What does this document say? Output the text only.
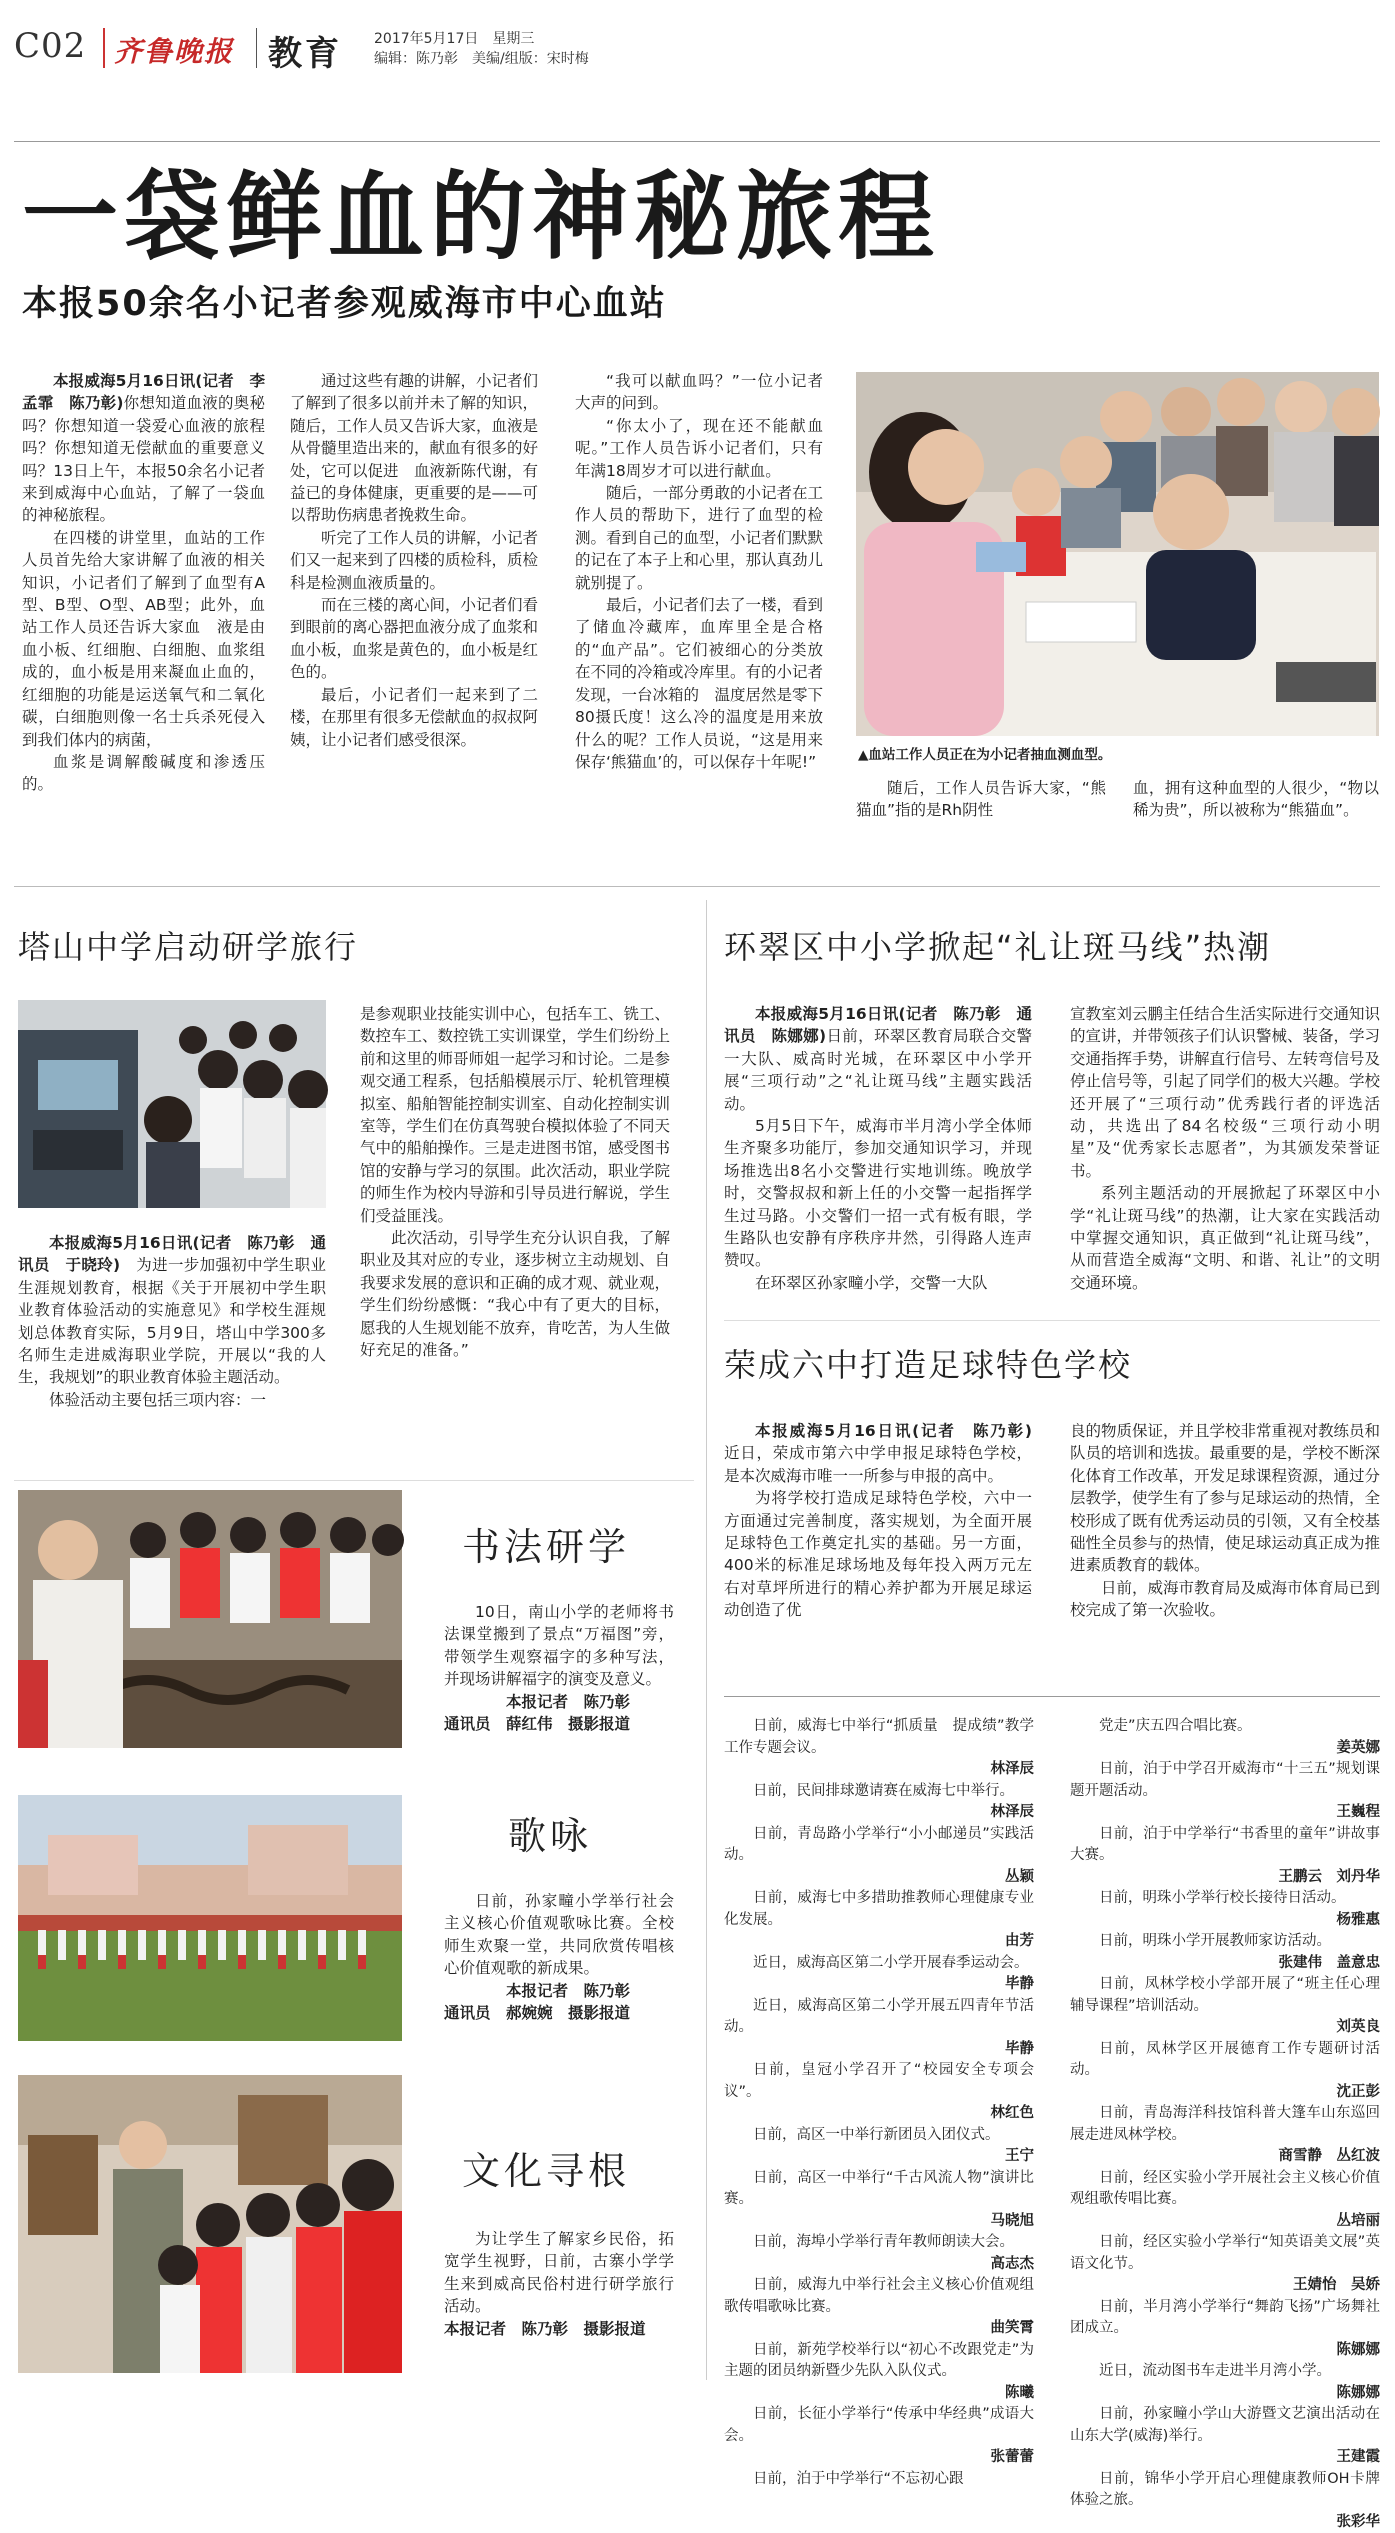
C02 齐鲁晚报 教育 2017年5月17日　星期三
编辑：陈乃彰　美编/组版：宋时梅
一袋鲜血的神秘旅程
本报50余名小记者参观威海市中心血站

本报威海5月16日讯(记者　李孟霏　陈乃彰)你想知道血液的奥秘吗？你想知道一袋爱心血液的旅程吗？你想知道无偿献血的重要意义吗？13日上午，本报50余名小记者来到威海中心血站，了解了一袋血的神秘旅程。

在四楼的讲堂里，血站的工作人员首先给大家讲解了血液的相关知识，小记者们了解到了血型有A型、B型、O型、AB型；此外，血站工作人员还告诉大家血　液是由血小板、红细胞、白细胞、血浆组成的，血小板是用来凝血止血的，红细胞的功能是运送氧气和二氧化碳，白细胞则像一名士兵杀死侵入到我们体内的病菌，

血浆是调解酸碱度和渗透压的。

通过这些有趣的讲解，小记者们了解到了很多以前并未了解的知识，随后，工作人员又告诉大家，血液是从骨髓里造出来的，献血有很多的好处，它可以促进　血液新陈代谢，有益已的身体健康，更重要的是——可以帮助伤病患者挽救生命。

听完了工作人员的讲解，小记者们又一起来到了四楼的质检科，质检科是检测血液质量的。

而在三楼的离心间，小记者们看到眼前的离心器把血液分成了血浆和血小板，血浆是黄色的，血小板是红色的。

最后，小记者们一起来到了二楼，在那里有很多无偿献血的叔叔阿姨，让小记者们感受很深。

“我可以献血吗？”一位小记者大声的问到。

“你太小了，现在还不能献血呢。”工作人员告诉小记者们，只有年满18周岁才可以进行献血。

随后，一部分勇敢的小记者在工作人员的帮助下，进行了血型的检测。看到自己的血型，小记者们默默的记在了本子上和心里，那认真劲儿就别提了。

最后，小记者们去了一楼，看到了储血冷藏库，血库里全是合格的“血产品”。它们被细心的分类放在不同的冷箱或冷库里。有的小记者发现，一台冰箱的　温度居然是零下80摄氏度！这么冷的温度是用来放什么的呢？工作人员说，“这是用来保存‘熊猫血’的，可以保存十年呢!”	▲血站工作人员正在为小记者抽血测血型。

随后，工作人员告诉大家，“熊猫血”指的是Rh阴性

血，拥有这种血型的人很少，“物以稀为贵”，所以被称为“熊猫血”。

塔山中学启动研学旅行

本报威海5月16日讯(记者　陈乃彰　通讯员　于晓玲)　 为进一步加强初中学生职业生涯规划教育，根据《关于开展初中学生职业教育体验活动的实施意见》和学校生涯规划总体教育实际，5月9日，塔山中学300多名师生走进威海职业学院，开展以“我的人生，我规划”的职业教育体验主题活动。

体验活动主要包括三项内容：一

是参观职业技能实训中心，包括车工、铣工、数控车工、数控铣工实训课堂，学生们纷纷上前和这里的师哥师姐一起学习和讨论。二是参观交通工程系，包括船模展示厅、轮机管理模拟室、船舶智能控制实训室、自动化控制实训室等，学生们在仿真驾驶台模拟体验了不同天气中的船舶操作。三是走进图书馆，感受图书馆的安静与学习的氛围。此次活动，职业学院的师生作为校内导游和引导员进行解说，学生们受益匪浅。

此次活动，引导学生充分认识自我，了解职业及其对应的专业，逐步树立主动规划、自我要求发展的意识和正确的成才观、就业观，学生们纷纷感慨：“我心中有了更大的目标，愿我的人生规划能不放弃，肯吃苦，为人生做好充足的准备。”

环翠区中小学掀起“礼让斑马线”热潮

本报威海5月16日讯(记者　陈乃彰　通讯员　陈娜娜)日前，环翠区教育局联合交警一大队、威高时光城，在环翠区中小学开展“三项行动”之“礼让斑马线”主题实践活动。

5月5日下午，威海市半月湾小学全体师生齐聚多功能厅，参加交通知识学习，并现场推选出8名小交警进行实地训练。晚放学时，交警叔叔和新上任的小交警一起指挥学生过马路。小交警们一招一式有板有眼，学生路队也安静有序秩序井然，引得路人连声赞叹。

在环翠区孙家疃小学，交警一大队

宣教室刘云鹏主任结合生活实际进行交通知识的宣讲，并带领孩子们认识警械、装备，学习交通指挥手势，讲解直行信号、左转弯信号及停止信号等，引起了同学们的极大兴趣。学校还开展了“三项行动”优秀践行者的评选活动，共选出了84名校级“三项行动小明星”及“优秀家长志愿者”，为其颁发荣誉证书。

系列主题活动的开展掀起了环翠区中小学“礼让斑马线”的热潮，让大家在实践活动中掌握交通知识，真正做到“礼让斑马线”，从而营造全威海“文明、和谐、礼让”的文明交通环境。

荣成六中打造足球特色学校

本报威海5月16日讯(记者　陈乃彰)　近日，荣成市第六中学申报足球特色学校，是本次威海市唯一一所参与申报的高中。

为将学校打造成足球特色学校，六中一方面通过完善制度，落实规划，为全面开展足球特色工作奠定扎实的基础。另一方面，400米的标准足球场地及每年投入两万元左右对草坪所进行的精心养护都为开展足球运动创造了优

良的物质保证，并且学校非常重视对教练员和队员的培训和选拔。最重要的是，学校不断深化体育工作改革，开发足球课程资源，通过分层教学，使学生有了参与足球运动的热情，全校形成了既有优秀运动员的引领，又有全校基础性全员参与的热情，使足球运动真正成为推进素质教育的载体。

日前，威海市教育局及威海市体育局已到校完成了第一次验收。

书法研学

10日，南山小学的老师将书法课堂搬到了景点“万福图”旁，带领学生观察福字的多种写法，并现场讲解福字的演变及意义。

本报记者　陈乃彰

通讯员　薛红伟　摄影报道

歌咏

日前，孙家疃小学举行社会主义核心价值观歌咏比赛。全校师生欢聚一堂，共同欣赏传唱核心价值观歌的新成果。

本报记者　陈乃彰

通讯员　郝婉婉　摄影报道

文化寻根

为让学生了解家乡民俗，拓宽学生视野，日前，古寨小学学生来到威高民俗村进行研学旅行活动。

本报记者　陈乃彰　摄影报道

日前，威海七中举行“抓质量　提成绩”教学工作专题会议。

林泽辰

日前，民间排球邀请赛在威海七中举行。

林泽辰

日前，青岛路小学举行“小小邮递员”实践活动。

丛颖

日前，威海七中多措助推教师心理健康专业化发展。

由芳

近日，威海高区第二小学开展春季运动会。

毕静

近日，威海高区第二小学开展五四青年节活动。

毕静

日前，皇冠小学召开了“校园安全专项会议”。

林红色

日前，高区一中举行新团员入团仪式。

王宁

日前，高区一中举行“千古风流人物”演讲比赛。

马晓旭

日前，海埠小学举行青年教师朗读大会。

高志杰

日前，威海九中举行社会主义核心价值观组歌传唱歌咏比赛。

曲笑霄

日前，新苑学校举行以“初心不改跟党走”为主题的团员纳新暨少先队入队仪式。

陈曦

日前，长征小学举行“传承中华经典”成语大会。

张蕾蕾

日前，泊于中学举行“不忘初心跟

党走”庆五四合唱比赛。

姜英娜

日前，泊于中学召开威海市“十三五”规划课题开题活动。

王巍程

日前，泊于中学举行“书香里的童年”讲故事大赛。

王鹏云　刘丹华

日前，明珠小学举行校长接待日活动。

杨雅惠

日前，明珠小学开展教师家访活动。

张建伟　盖意忠

日前，凤林学校小学部开展了“班主任心理辅导课程”培训活动。

刘英良

日前，凤林学区开展德育工作专题研讨活动。

沈正彭

日前，青岛海洋科技馆科普大篷车山东巡回展走进凤林学校。

商雪静　丛红波

日前，经区实验小学开展社会主义核心价值观组歌传唱比赛。

丛培丽

日前，经区实验小学举行“知英语美文展”英语文化节。

王婧怡　吴娇

日前，半月湾小学举行“舞韵飞扬”广场舞社团成立。

陈娜娜

近日，流动图书车走进半月湾小学。

陈娜娜

日前，孙家疃小学山大游暨文艺演出活动在山东大学(威海)举行。

王建霞

日前，锦华小学开启心理健康教师OH卡牌体验之旅。

张彩华
